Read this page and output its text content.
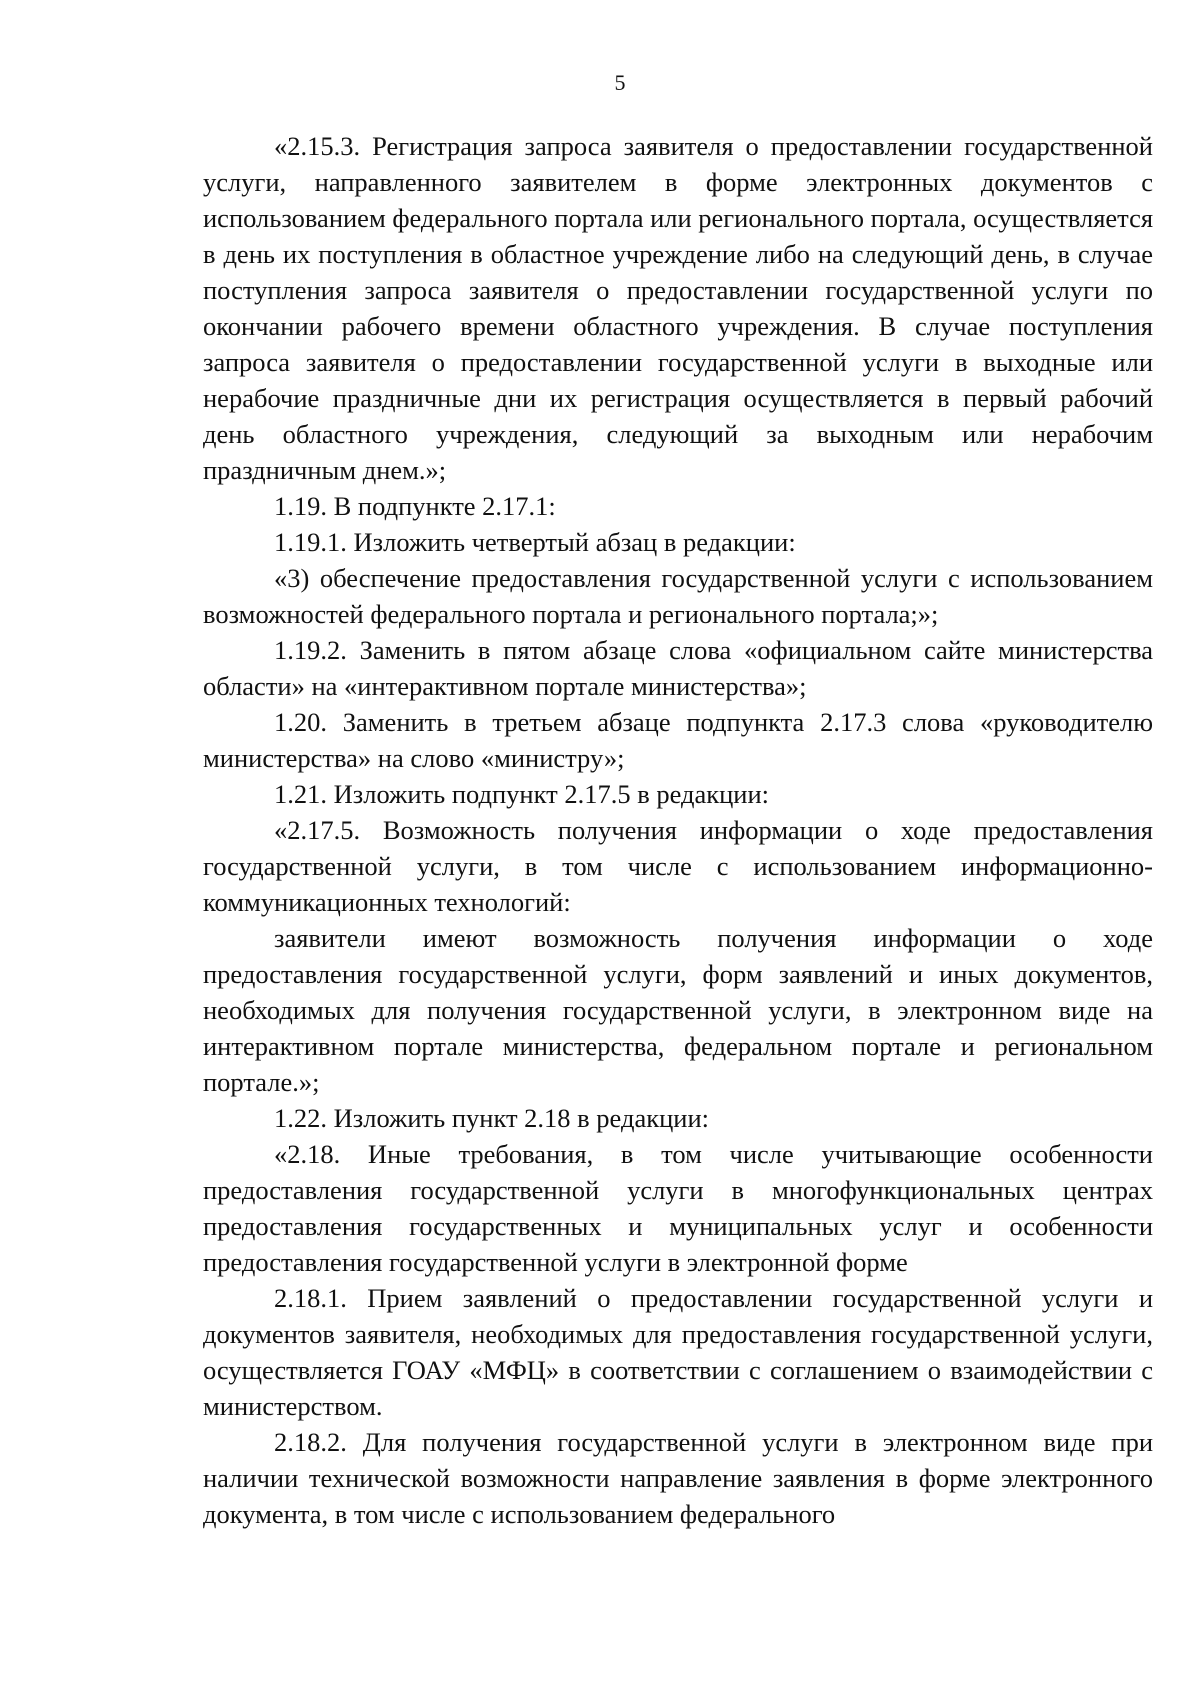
5

«2.15.3. Регистрация запроса заявителя о предоставлении государственной услуги, направленного заявителем в форме электронных документов с использованием федерального портала или регионального портала, осуществляется в день их поступления в областное учреждение либо на следующий день, в случае поступления запроса заявителя о предоставлении государственной услуги по окончании рабочего времени областного учреждения. В случае поступления запроса заявителя о предоставлении государственной услуги в выходные или нерабочие праздничные дни их регистрация осуществляется в первый рабочий день областного учреждения, следующий за выходным или нерабочим праздничным днем.»;

1.19. В подпункте 2.17.1:

1.19.1. Изложить четвертый абзац в редакции:

«3) обеспечение предоставления государственной услуги с использованием возможностей федерального портала и регионального портала;»;

1.19.2. Заменить в пятом абзаце слова «официальном сайте министерства области» на «интерактивном портале министерства»;

1.20. Заменить в третьем абзаце подпункта 2.17.3 слова «руководителю министерства» на слово «министру»;

1.21. Изложить подпункт 2.17.5 в редакции:

«2.17.5. Возможность получения информации о ходе предоставления государственной услуги, в том числе с использованием информационно-коммуникационных технологий:

заявители имеют возможность получения информации о ходе предоставления государственной услуги, форм заявлений и иных документов, необходимых для получения государственной услуги, в электронном виде на интерактивном портале министерства, федеральном портале и региональном портале.»;

1.22. Изложить пункт 2.18 в редакции:

«2.18. Иные требования, в том числе учитывающие особенности предоставления государственной услуги в многофункциональных центрах предоставления государственных и муниципальных услуг и особенности предоставления государственной услуги в электронной форме

2.18.1. Прием заявлений о предоставлении государственной услуги и документов заявителя, необходимых для предоставления государственной услуги, осуществляется ГОАУ «МФЦ» в соответствии с соглашением о взаимодействии с министерством.

2.18.2. Для получения государственной услуги в электронном виде при наличии технической возможности направление заявления в форме электронного документа, в том числе с использованием федерального
